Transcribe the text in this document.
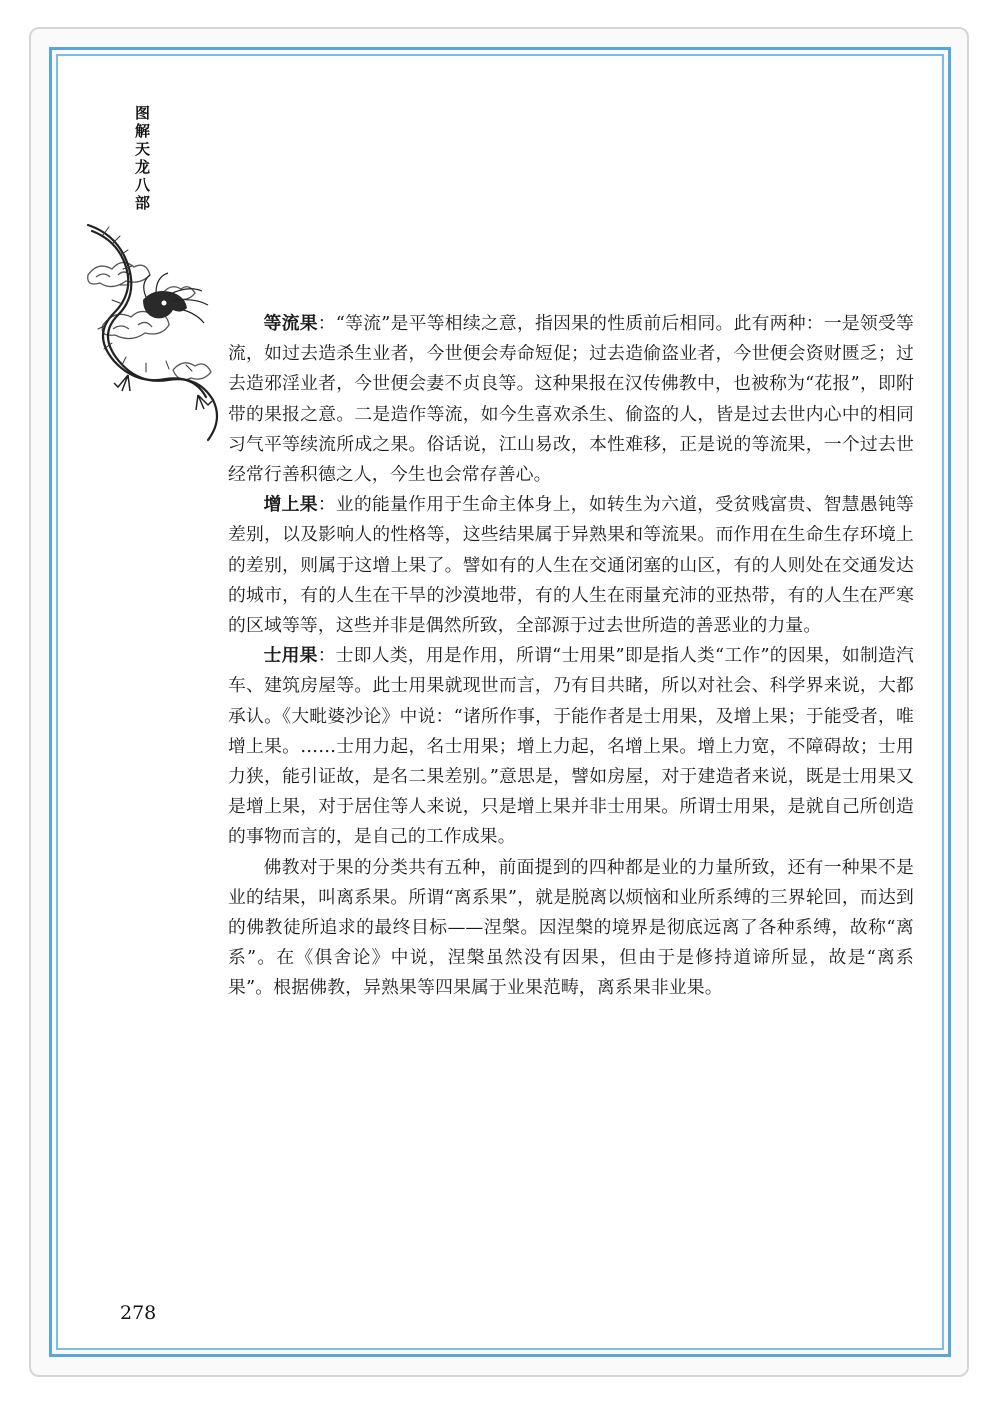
图解天龙八部

等流果：“等流”是平等相续之意，指因果的性质前后相同。此有两种：一是领受等流，如过去造杀生业者，今世便会寿命短促；过去造偷盗业者，今世便会资财匮乏；过去造邪淫业者，今世便会妻不贞良等。这种果报在汉传佛教中，也被称为“花报”，即附带的果报之意。二是造作等流，如今生喜欢杀生、偷盗的人，皆是过去世内心中的相同习气平等续流所成之果。俗话说，江山易改，本性难移，正是说的等流果，一个过去世经常行善积德之人，今生也会常存善心。

增上果：业的能量作用于生命主体身上，如转生为六道，受贫贱富贵、智慧愚钝等差别，以及影响人的性格等，这些结果属于异熟果和等流果。而作用在生命生存环境上的差别，则属于这增上果了。譬如有的人生在交通闭塞的山区，有的人则处在交通发达的城市，有的人生在干旱的沙漠地带，有的人生在雨量充沛的亚热带，有的人生在严寒的区域等等，这些并非是偶然所致，全部源于过去世所造的善恶业的力量。

士用果：士即人类，用是作用，所谓“士用果”即是指人类“工作”的因果，如制造汽车、建筑房屋等。此士用果就现世而言，乃有目共睹，所以对社会、科学界来说，大都承认。《大毗婆沙论》中说：“诸所作事，于能作者是士用果，及增上果；于能受者，唯增上果。……士用力起，名士用果；增上力起，名增上果。增上力宽，不障碍故；士用力狭，能引证故，是名二果差别。”意思是，譬如房屋，对于建造者来说，既是士用果又是增上果，对于居住等人来说，只是增上果并非士用果。所谓士用果，是就自己所创造的事物而言的，是自己的工作成果。

佛教对于果的分类共有五种，前面提到的四种都是业的力量所致，还有一种果不是业的结果，叫离系果。所谓“离系果”，就是脱离以烦恼和业所系缚的三界轮回，而达到的佛教徒所追求的最终目标——涅槃。因涅槃的境界是彻底远离了各种系缚，故称“离系”。在《俱舍论》中说，涅槃虽然没有因果，但由于是修持道谛所显，故是“离系果”。根据佛教，异熟果等四果属于业果范畴，离系果非业果。

278
